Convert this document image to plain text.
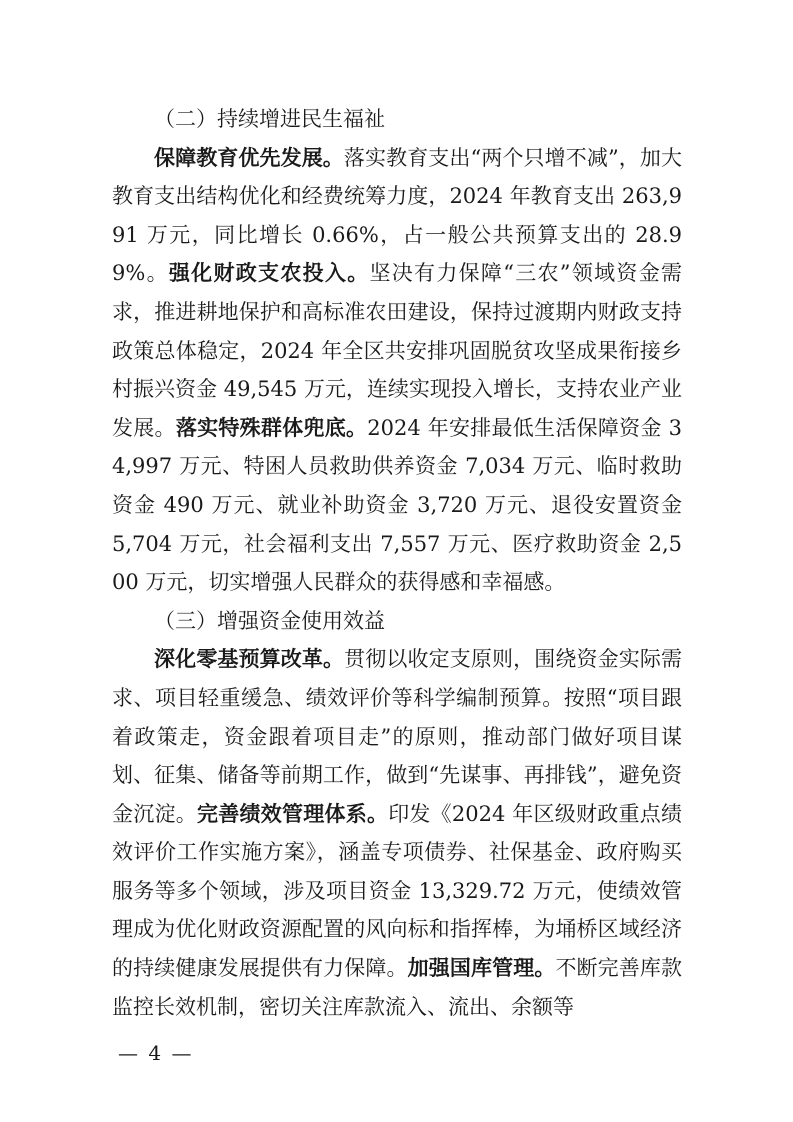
（二）持续增进民生福祉

保障教育优先发展。落实教育支出“两个只增不减”，加大教育支出结构优化和经费统筹力度，2024 年教育支出 263,991 万元，同比增长 0.66%，占一般公共预算支出的 28.99%。强化财政支农投入。坚决有力保障“三农”领域资金需求，推进耕地保护和高标准农田建设，保持过渡期内财政支持政策总体稳定，2024 年全区共安排巩固脱贫攻坚成果衔接乡村振兴资金 49,545 万元，连续实现投入增长，支持农业产业发展。落实特殊群体兜底。2024 年安排最低生活保障资金 34,997 万元、特困人员救助供养资金 7,034 万元、临时救助资金 490 万元、就业补助资金 3,720 万元、退役安置资金 5,704 万元，社会福利支出 7,557 万元、医疗救助资金 2,500 万元，切实增强人民群众的获得感和幸福感。

（三）增强资金使用效益

深化零基预算改革。贯彻以收定支原则，围绕资金实际需求、项目轻重缓急、绩效评价等科学编制预算。按照“项目跟着政策走，资金跟着项目走”的原则，推动部门做好项目谋划、征集、储备等前期工作，做到“先谋事、再排钱”，避免资金沉淀。完善绩效管理体系。印发《2024 年区级财政重点绩效评价工作实施方案》，涵盖专项债券、社保基金、政府购买服务等多个领域，涉及项目资金 13,329.72 万元，使绩效管理成为优化财政资源配置的风向标和指挥棒，为埇桥区域经济的持续健康发展提供有力保障。加强国库管理。不断完善库款监控长效机制，密切关注库款流入、流出、余额等

— 4 —
